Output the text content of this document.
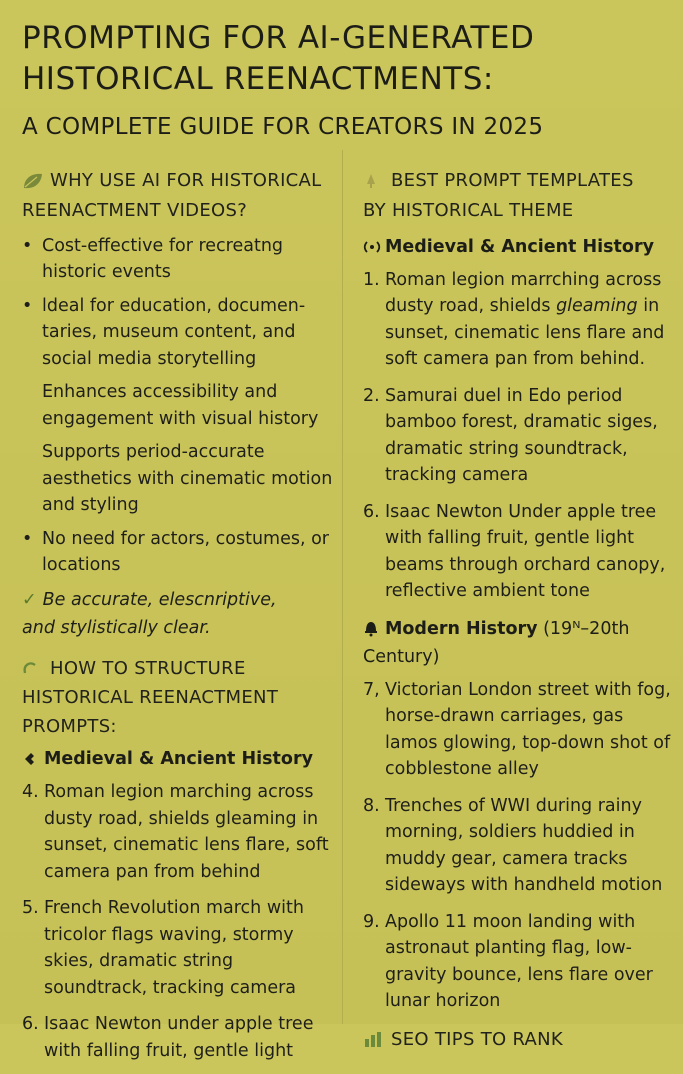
PROMPTING FOR AI-GENERATED
HISTORICAL REENACTMENTS:
A COMPLETE GUIDE FOR CREATORS IN 2025
WHY USE AI FOR HISTORICAL
REENACTMENT VIDEOS?
• Cost-effective for recreatng historic events
• ldeal for education, documen-taries, museum content, and social media storytelling
Enhances accessibility and engagement with visual history
Supports period-accurate aesthetics with cinematic motion and styling
• No need for actors, costumes, or locations
✓ Be accurate, elescnriptive,
and stylistically clear.
HOW TO STRUCTURE
HISTORICAL REENACTMENT
PROMPTS:
Medieval & Ancient History
4. Roman legion marching across dusty road, shields gleaming in sunset, cinematic lens flare, soft camera pan from behind
5. French Revolution march with tricolor flags waving, stormy skies, dramatic string soundtrack, tracking camera
6. Isaac Newton under apple tree with falling fruit, gentle light
BEST PROMPT TEMPLATES
BY HISTORICAL THEME
Medieval & Ancient History
1. Roman legion marrching across dusty road, shields gleaming in sunset, cinematic lens flare and soft camera pan from behind.
2. Samurai duel in Edo period bamboo forest, dramatic siges, dramatic string soundtrack, tracking camera
6. Isaac Newton Under apple tree with falling fruit, gentle light beams through orchard canopy, reflective ambient tone
Modern History (19ᴺ–20th
Century)
7, Victorian London street with fog, horse-drawn carriages, gas lamos glowing, top-down shot of cobblestone alley
8. Trenches of WWI during rainy morning, soldiers huddied in muddy gear, camera tracks sideways with handheld motion
9. Apollo 11 moon landing with astronaut planting flag, low-gravity bounce, lens flare over lunar horizon
SEO TIPS TO RANK
